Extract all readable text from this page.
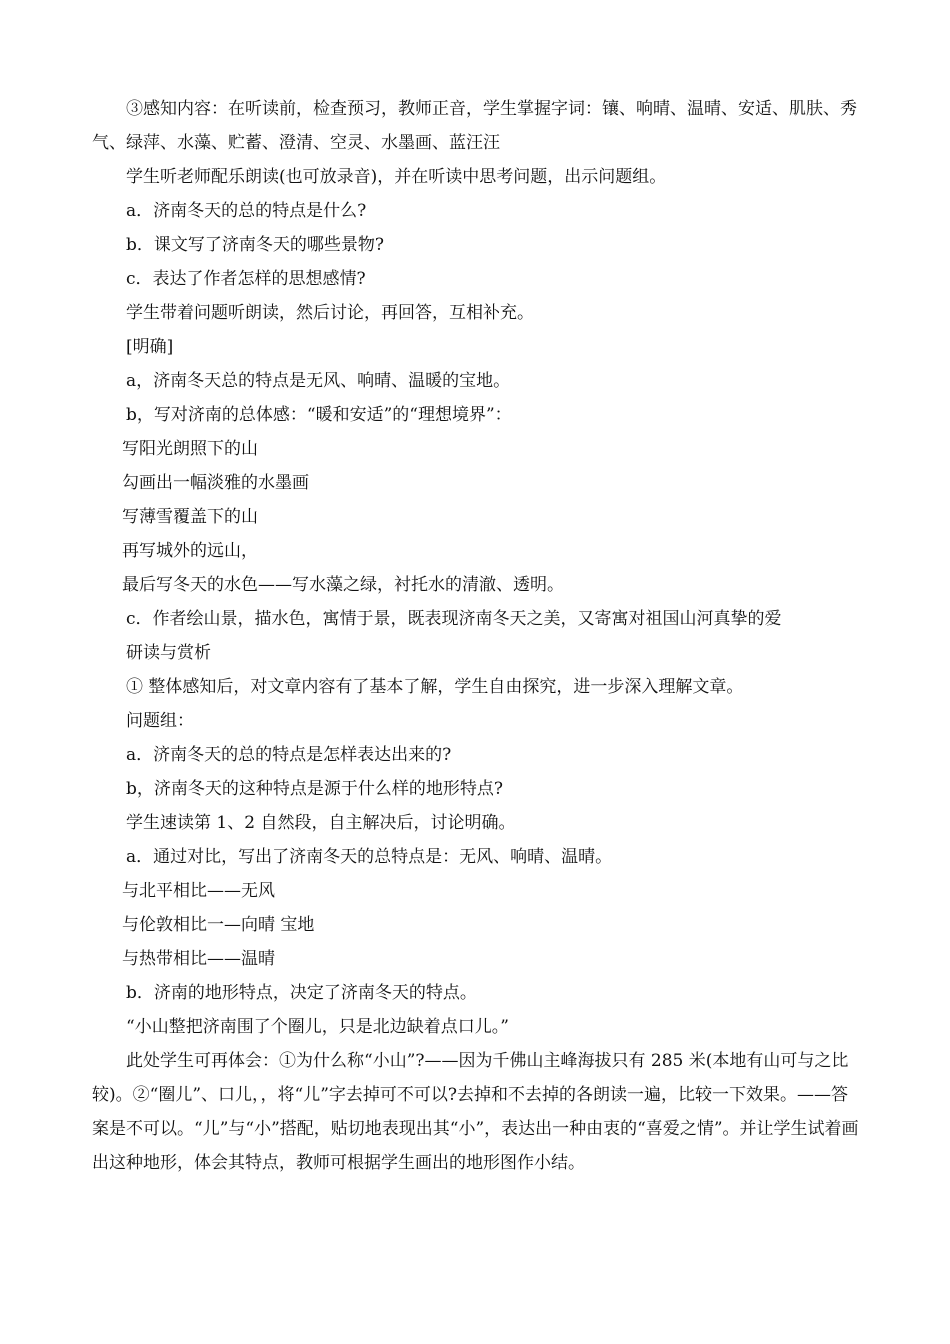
③感知内容：在听读前，检查预习，教师正音，学生掌握字词：镶、响晴、温晴、安适、肌肤、秀气、绿萍、水藻、贮蓄、澄清、空灵、水墨画、蓝汪汪

学生听老师配乐朗读(也可放录音)，并在听读中思考问题，出示问题组。

a．济南冬天的总的特点是什么?

b．课文写了济南冬天的哪些景物?

c．表达了作者怎样的思想感情?

学生带着问题听朗读，然后讨论，再回答，互相补充。

[明确]

a，济南冬天总的特点是无风、响晴、温暖的宝地。

b，写对济南的总体感：“暖和安适”的“理想境界”：

写阳光朗照下的山

勾画出一幅淡雅的水墨画

写薄雪覆盖下的山

再写城外的远山，

最后写冬天的水色——写水藻之绿，衬托水的清澈、透明。

c．作者绘山景，描水色，寓情于景，既表现济南冬天之美，又寄寓对祖国山河真挚的爱

研读与赏析

① 整体感知后，对文章内容有了基本了解，学生自由探究，进一步深入理解文章。

问题组：

a．济南冬天的总的特点是怎样表达出来的?

b，济南冬天的这种特点是源于什么样的地形特点?

学生速读第 1、2 自然段，自主解决后，讨论明确。

a．通过对比，写出了济南冬天的总特点是：无风、响晴、温晴。

与北平相比——无风

与伦敦相比一—向晴 宝地

与热带相比——温晴

b．济南的地形特点，决定了济南冬天的特点。

“小山整把济南围了个圈儿，只是北边缺着点口儿。”

此处学生可再体会：①为什么称“小山”?——因为千佛山主峰海拔只有 285 米(本地有山可与之比较)。②“圈儿”、口儿，，将“儿”字去掉可不可以?去掉和不去掉的各朗读一遍，比较一下效果。——答案是不可以。“儿”与“小”搭配，贴切地表现出其“小”，表达出一种由衷的“喜爱之情”。并让学生试着画出这种地形，体会其特点，教师可根据学生画出的地形图作小结。
